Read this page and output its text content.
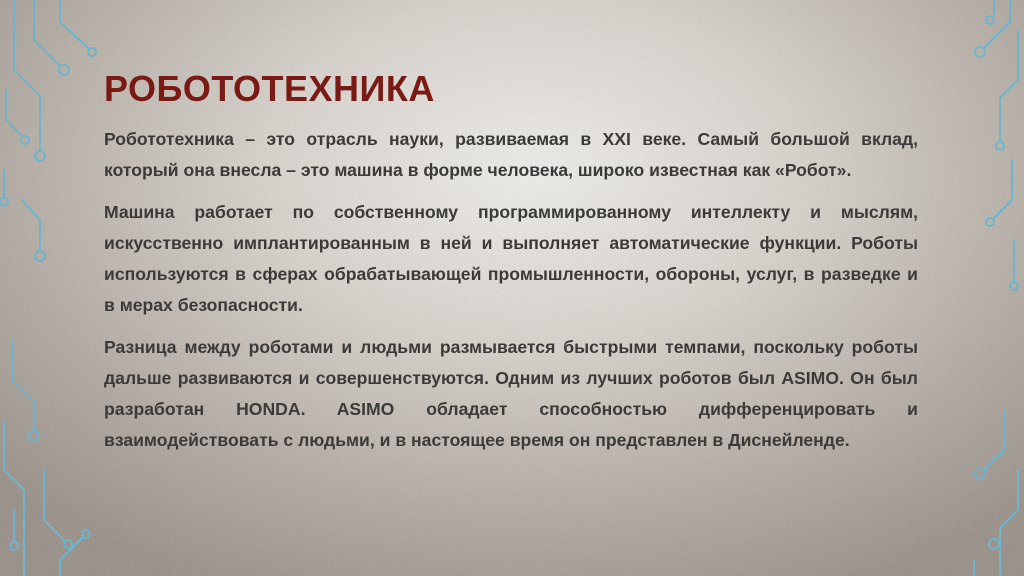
РОБОТОТЕХНИКА

Робототехника – это отрасль науки, развиваемая в XXI веке. Самый большой вклад, который она внесла – это машина в форме человека, широко известная как «Робот».

Машина работает по собственному программированному интеллекту и мыслям, искусственно имплантированным в ней и выполняет автоматические функции. Роботы используются в сферах обрабатывающей промышленности, обороны, услуг, в разведке и в мерах безопасности.

Разница между роботами и людьми размывается быстрыми темпами, поскольку роботы дальше развиваются и совершенствуются. Одним из лучших роботов был ASIMO. Он был разработан HONDA. ASIMO обладает способностью дифференцировать и взаимодействовать с людьми, и в настоящее время он представлен в Диснейленде.
